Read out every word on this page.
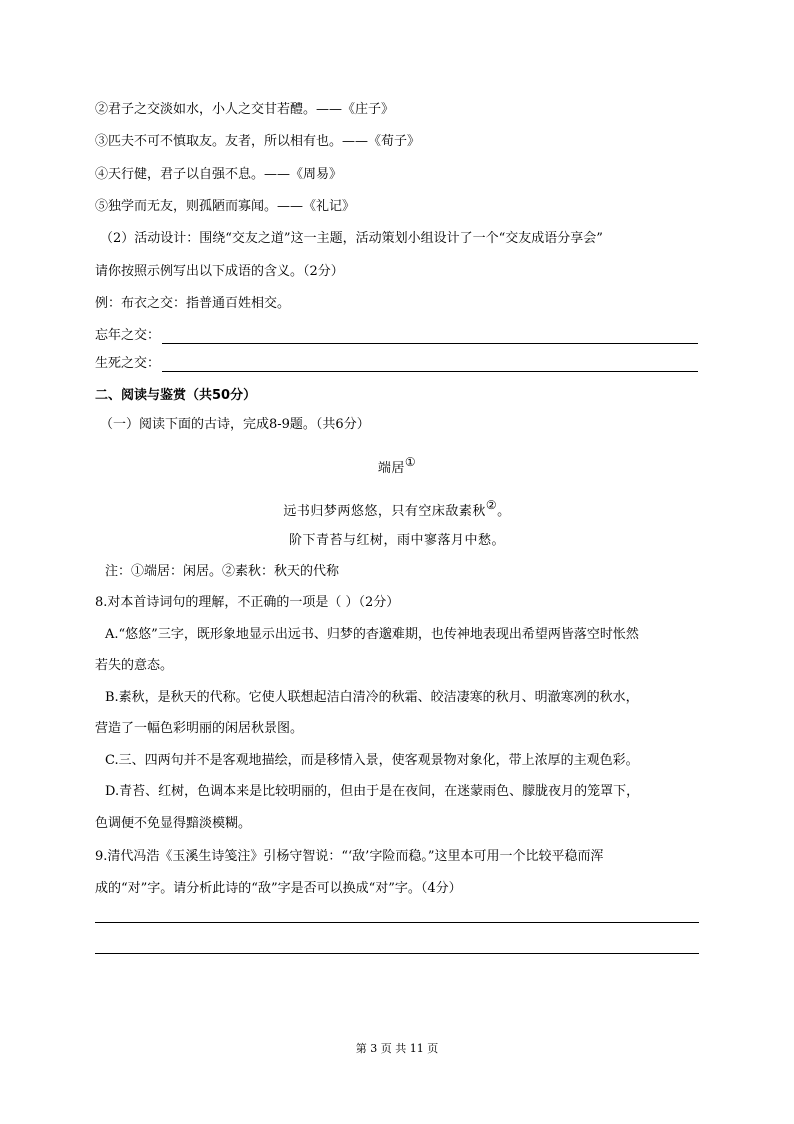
②君子之交淡如水，小人之交甘若醴。——《庄子》
③匹夫不可不慎取友。友者，所以相有也。——《荀子》
④天行健，君子以自强不息。——《周易》
⑤独学而无友，则孤陋而寡闻。——《礼记》
（2）活动设计：围绕“交友之道”这一主题，活动策划小组设计了一个“交友成语分享会”
请你按照示例写出以下成语的含义。（2分）
例：布衣之交：指普通百姓相交。
忘年之交：
生死之交：
二、阅读与鉴赏（共50分）
（一）阅读下面的古诗，完成8-9题。（共6分）
端居①
远书归梦两悠悠，只有空床敌素秋②。
阶下青苔与红树，雨中寥落月中愁。
注：①端居：闲居。②素秋：秋天的代称
8.对本首诗词句的理解，不正确的一项是（ ）（2分）
A.“悠悠”三字，既形象地显示出远书、归梦的杳邈难期，也传神地表现出希望两皆落空时怅然
若失的意态。
B.素秋，是秋天的代称。它使人联想起洁白清冷的秋霜、皎洁凄寒的秋月、明澈寒冽的秋水，
营造了一幅色彩明丽的闲居秋景图。
C.三、四两句并不是客观地描绘，而是移情入景，使客观景物对象化，带上浓厚的主观色彩。
D.青苔、红树，色调本来是比较明丽的，但由于是在夜间，在迷蒙雨色、朦胧夜月的笼罩下，
色调便不免显得黯淡模糊。
9.清代冯浩《玉溪生诗笺注》引杨守智说：“‘敌’字险而稳。”这里本可用一个比较平稳而浑
成的“对”字。请分析此诗的“敌”字是否可以换成“对”字。（4分）
第 3 页 共 11 页
